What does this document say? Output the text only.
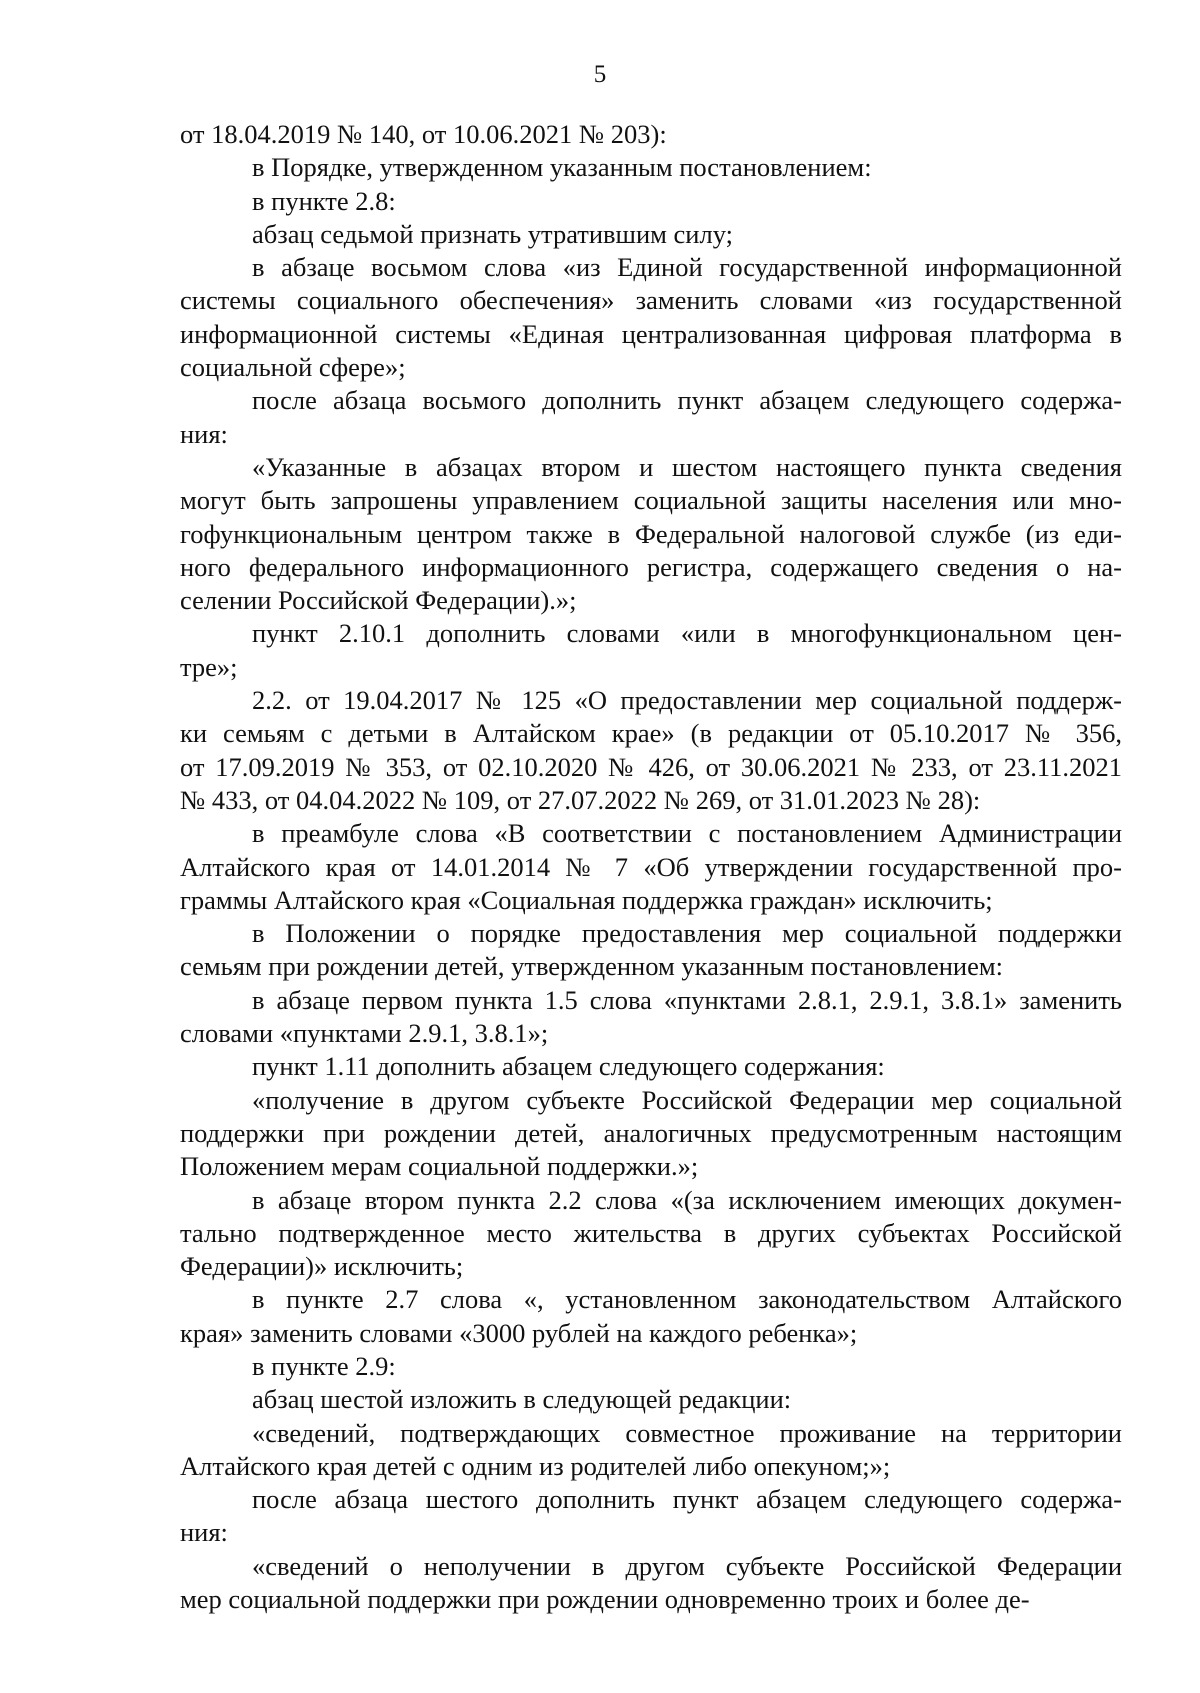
5
от 18.04.2019 № 140, от 10.06.2021 № 203):
в Порядке, утвержденном указанным постановлением:
в пункте 2.8:
абзац седьмой признать утратившим силу;
в абзаце восьмом слова «из Единой государственной информационной
системы социального обеспечения» заменить словами «из государственной
информационной системы «Единая централизованная цифровая платформа в
социальной сфере»;
после абзаца восьмого дополнить пункт абзацем следующего содержа-
ния:
«Указанные в абзацах втором и шестом настоящего пункта сведения
могут быть запрошены управлением социальной защиты населения или мно-
гофункциональным центром также в Федеральной налоговой службе (из еди-
ного федерального информационного регистра, содержащего сведения о на-
селении Российской Федерации).»;
пункт 2.10.1 дополнить словами «или в многофункциональном цен-
тре»;
2.2. от 19.04.2017 № 125 «О предоставлении мер социальной поддерж-
ки семьям с детьми в Алтайском крае» (в редакции от 05.10.2017 № 356,
от 17.09.2019 № 353, от 02.10.2020 № 426, от 30.06.2021 № 233, от 23.11.2021
№ 433, от 04.04.2022 № 109, от 27.07.2022 № 269, от 31.01.2023 № 28):
в преамбуле слова «В соответствии с постановлением Администрации
Алтайского края от 14.01.2014 № 7 «Об утверждении государственной про-
граммы Алтайского края «Социальная поддержка граждан» исключить;
в Положении о порядке предоставления мер социальной поддержки
семьям при рождении детей, утвержденном указанным постановлением:
в абзаце первом пункта 1.5 слова «пунктами 2.8.1, 2.9.1, 3.8.1» заменить
словами «пунктами 2.9.1, 3.8.1»;
пункт 1.11 дополнить абзацем следующего содержания:
«получение в другом субъекте Российской Федерации мер социальной
поддержки при рождении детей, аналогичных предусмотренным настоящим
Положением мерам социальной поддержки.»;
в абзаце втором пункта 2.2 слова «(за исключением имеющих докумен-
тально подтвержденное место жительства в других субъектах Российской
Федерации)» исключить;
в пункте 2.7 слова «, установленном законодательством Алтайского
края» заменить словами «3000 рублей на каждого ребенка»;
в пункте 2.9:
абзац шестой изложить в следующей редакции:
«сведений, подтверждающих совместное проживание на территории
Алтайского края детей с одним из родителей либо опекуном;»;
после абзаца шестого дополнить пункт абзацем следующего содержа-
ния:
«сведений о неполучении в другом субъекте Российской Федерации
мер социальной поддержки при рождении одновременно троих и более де-
